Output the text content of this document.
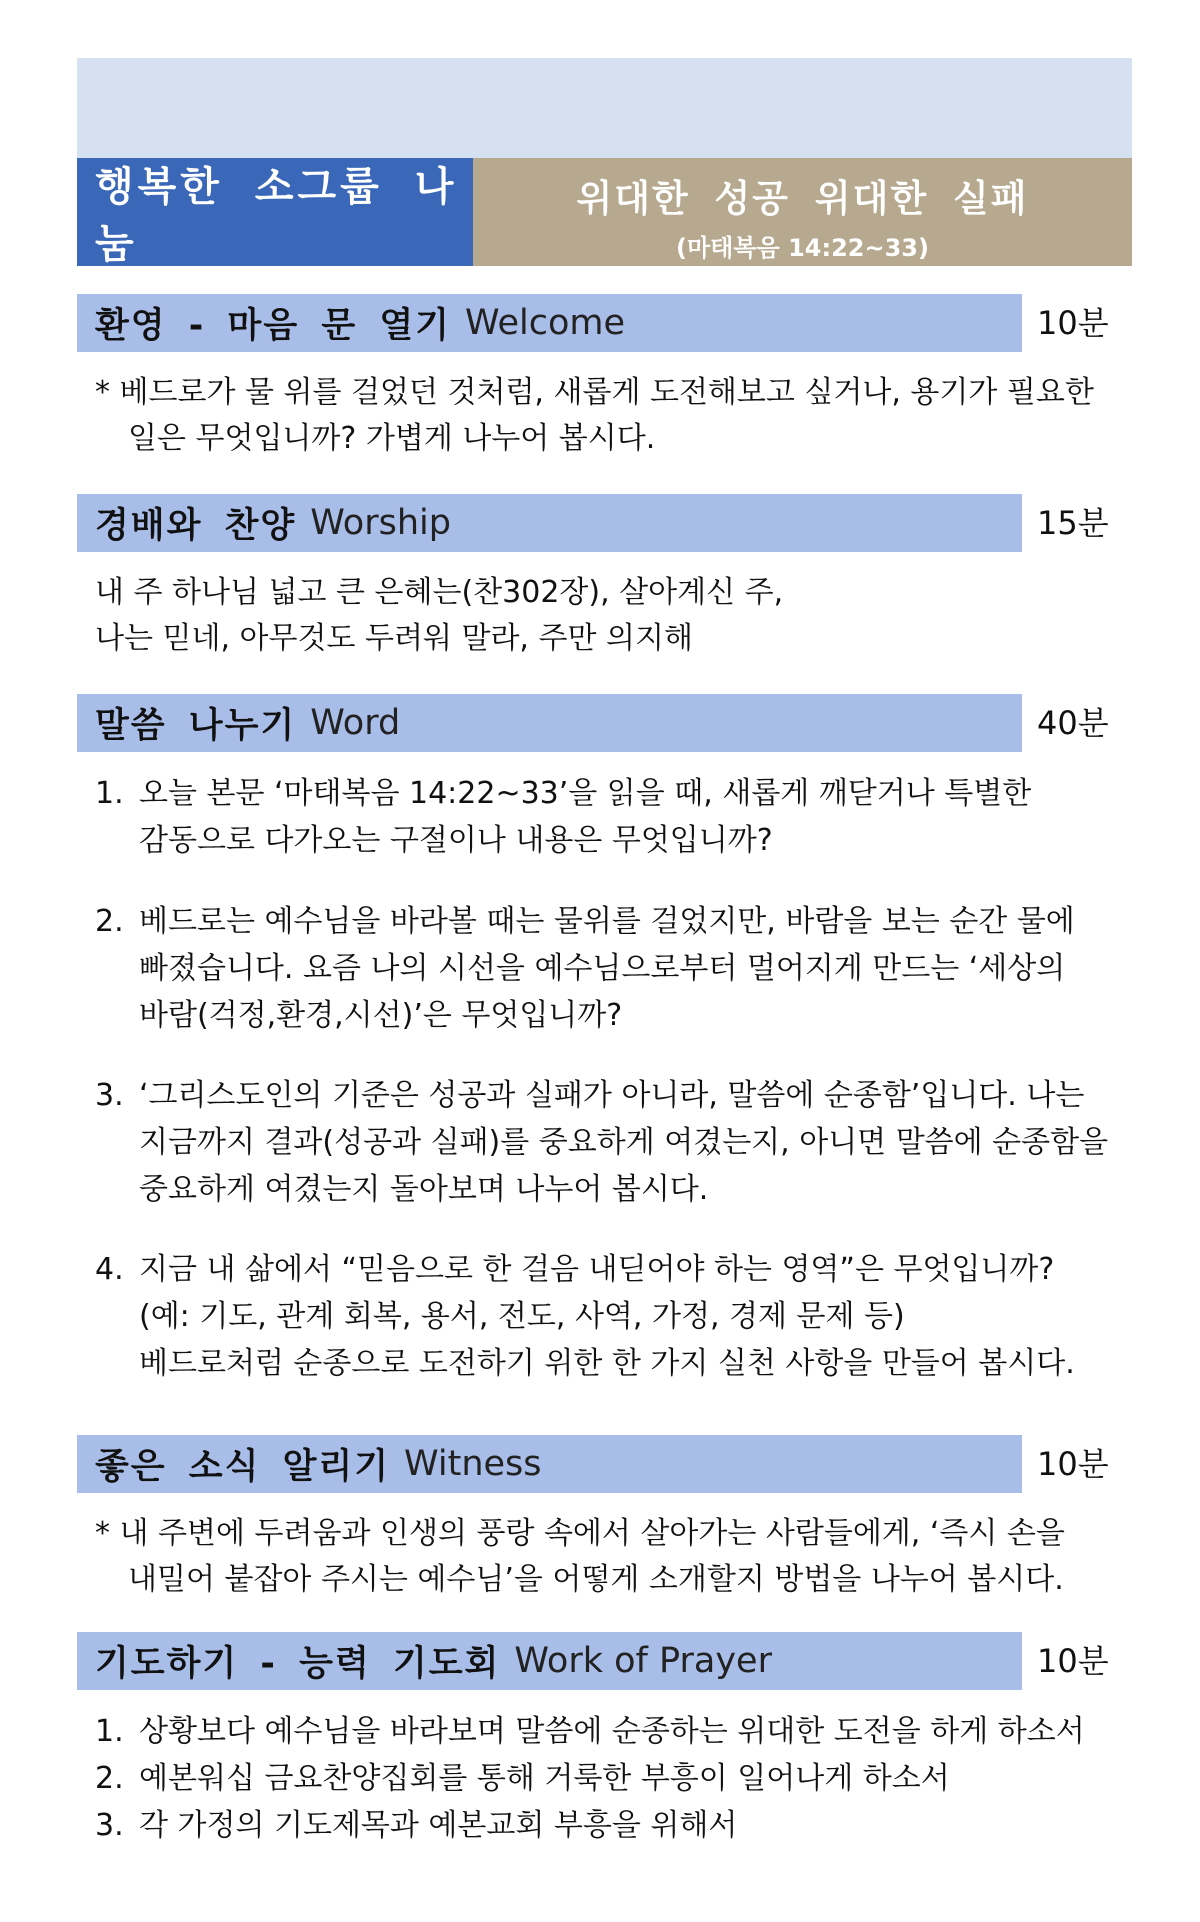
행복한 소그룹 나눔
위대한 성공 위대한 실패
(마태복음 14:22~33)
환영 - 마음 문 열기 Welcome	10분
* 베드로가 물 위를 걸었던 것처럼, 새롭게 도전해보고 싶거나, 용기가 필요한
일은 무엇입니까? 가볍게 나누어 봅시다.
경배와 찬양 Worship	15분
내 주 하나님 넓고 큰 은혜는(찬302장), 살아계신 주,
나는 믿네, 아무것도 두려워 말라, 주만 의지해
말씀 나누기 Word	40분
1. 오늘 본문 ‘마태복음 14:22~33’을 읽을 때, 새롭게 깨닫거나 특별한
감동으로 다가오는 구절이나 내용은 무엇입니까?
2. 베드로는 예수님을 바라볼 때는 물위를 걸었지만, 바람을 보는 순간 물에
빠졌습니다. 요즘 나의 시선을 예수님으로부터 멀어지게 만드는 ‘세상의
바람(걱정,환경,시선)’은 무엇입니까?
3. ‘그리스도인의 기준은 성공과 실패가 아니라, 말씀에 순종함’입니다. 나는
지금까지 결과(성공과 실패)를 중요하게 여겼는지, 아니면 말씀에 순종함을
중요하게 여겼는지 돌아보며 나누어 봅시다.
4. 지금 내 삶에서 “믿음으로 한 걸음 내딛어야 하는 영역”은 무엇입니까?
(예: 기도, 관계 회복, 용서, 전도, 사역, 가정, 경제 문제 등)
베드로처럼 순종으로 도전하기 위한 한 가지 실천 사항을 만들어 봅시다.
좋은 소식 알리기 Witness	10분
* 내 주변에 두려움과 인생의 풍랑 속에서 살아가는 사람들에게, ‘즉시 손을
내밀어 붙잡아 주시는 예수님’을 어떻게 소개할지 방법을 나누어 봅시다.
기도하기 - 능력 기도회 Work of Prayer	10분
1. 상황보다 예수님을 바라보며 말씀에 순종하는 위대한 도전을 하게 하소서
2. 예본워십 금요찬양집회를 통해 거룩한 부흥이 일어나게 하소서
3. 각 가정의 기도제목과 예본교회 부흥을 위해서
